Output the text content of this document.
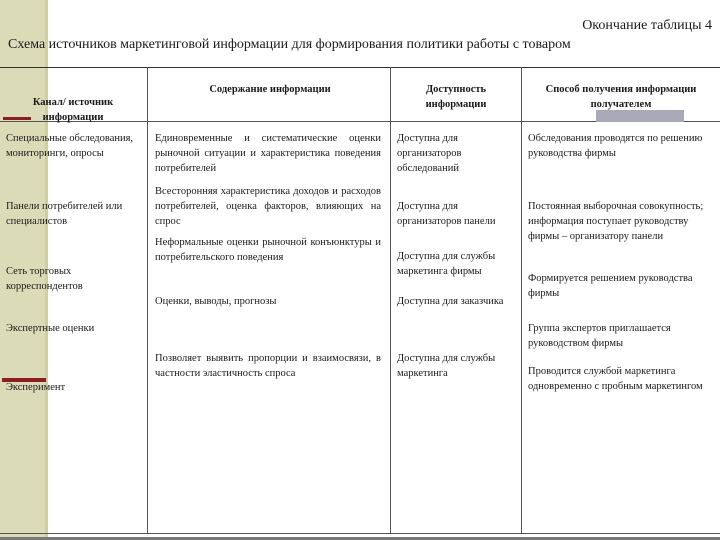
Окончание таблицы 4
Схема источников маркетинговой информации для формирования политики работы с товаром
Канал/ источник информации
Содержание информации	Доступность информации
Способ получения информации получателем
Специальные обследования, мониторинги, опросы
Панели потребителей или специалистов
Сеть торговых корреспондентов
Экспертные оценки
Эксперимент
Единовременные и систематические оценки рыночной ситуации и характеристика поведения потребителей
Всесторонняя характеристика доходов и расходов потребителей, оценка факторов, влияющих на спрос
Неформальные оценки рыночной конъюнктуры и потребительского поведения
Оценки, выводы, прогнозы
Позволяет выявить пропорции и взаимосвязи, в частности эластичность спроса
Доступна для организаторов обследований
Доступна для организаторов панели
Доступна для службы маркетинга фирмы
Доступна для заказчика
Доступна для службы маркетинга
Обследования проводятся по решению руководства фирмы
Постоянная выборочная совокупность; информация поступает руководству фирмы – организатору панели
Формируется решением руководства фирмы
Группа экспертов приглашается руководством фирмы
Проводится службой маркетинга одновременно с пробным маркетингом
